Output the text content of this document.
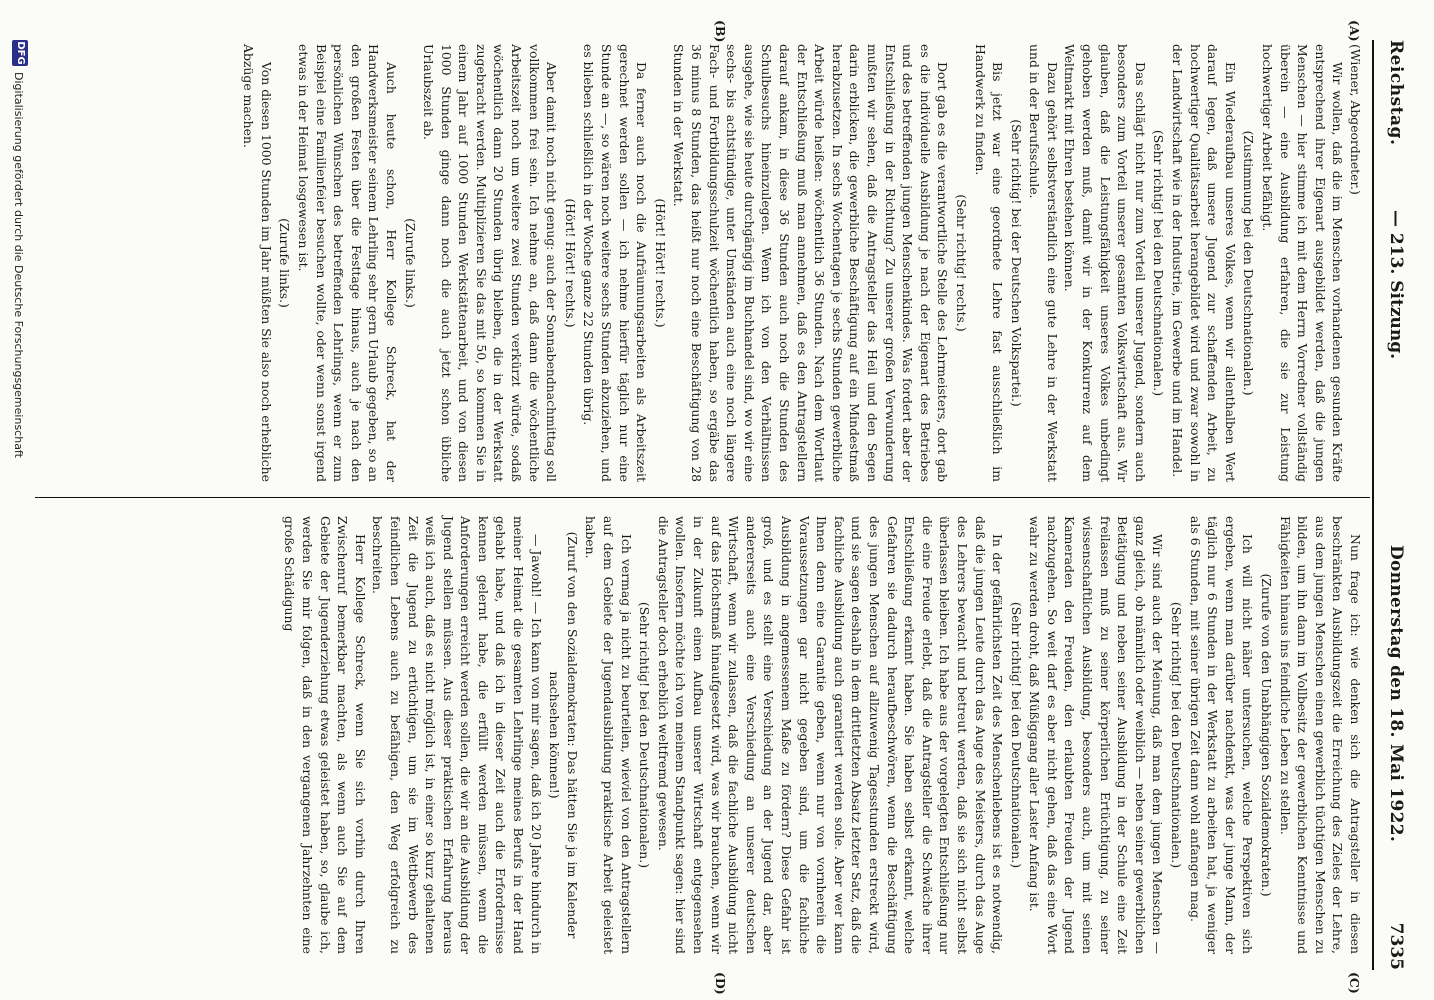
Reichstag.
— 213. Sitzung.
Donnerstag den 18. Mai 1922.
7335
(A)
(B)
(C)
(D)

(Wiener, Abgeordneter.)

Wir wollen, daß die im Menschen vorhandenen gesunden Kräfte entsprechend ihrer Eigenart ausgebildet werden, daß die jungen Menschen — hier stimme ich mit dem Herrn Vorredner vollständig überein — eine Ausbildung erfahren, die sie zur Leistung hochwertiger Arbeit befähigt.

(Zustimmung bei den Deutschnationalen.)

Ein Wiederaufbau unseres Volkes, wenn wir allenthalben Wert darauf legen, daß unsere Jugend zur schaffenden Arbeit, zu hochwertiger Qualitätsarbeit herangebildet wird und zwar sowohl in der Landwirtschaft wie in der Industrie, im Gewerbe und im Handel.

(Sehr richtig! bei den Deutschnationalen.)

Das schlägt nicht nur zum Vorteil unserer Jugend, sondern auch besonders zum Vorteil unserer gesamten Volkswirtschaft aus. Wir glauben, daß die Leistungsfähigkeit unseres Volkes unbedingt gehoben werden muß, damit wir in der Konkurrenz auf dem Weltmarkt mit Ehren bestehen können.

Dazu gehört selbstverständlich eine gute Lehre in der Werkstatt und in der Berufsschule.

(Sehr richtig! bei der Deutschen Volkspartei.)

Bis jetzt war eine geordnete Lehre fast ausschließlich im Handwerk zu finden.

(Sehr richtig! rechts.)

Dort gab es die verantwortliche Stelle des Lehrmeisters, dort gab es die individuelle Ausbildung je nach der Eigenart des Betriebes und des betreffenden jungen Menschenkindes. Was fordert aber der Entschließung in der Richtung? Zu unserer großen Verwunderung mußten wir sehen, daß die Antragsteller das Heil und den Segen darin erblicken, die gewerbliche Beschäftigung auf ein Mindestmaß herabzusetzen. In sechs Wochentagen je sechs Stunden gewerbliche Arbeit würde heißen: wöchentlich 36 Stunden. Nach dem Wortlaut der Entschließung muß man annehmen, daß es den Antragstellern darauf ankam, in diese 36 Stunden auch noch die Stunden des Schulbesuchs hineinzulegen. Wenn ich von den Verhältnissen ausgehe, wie sie heute durchgängig im Buchhandel sind, wo wir eine sechs- bis achtstündige, unter Umständen auch eine noch längere Fach- und Fortbildungsschulzeit wöchentlich haben, so ergäbe das 36 minus 8 Stunden, das heißt nur noch eine Beschäftigung von 28 Stunden in der Werkstatt.

(Hört! Hört! rechts.)

Da ferner auch noch die Aufräumungsarbeiten als Arbeitszeit gerechnet werden sollen — ich nehme hierfür täglich nur eine Stunde an —, so wären noch weitere sechs Stunden abzuziehen, und es blieben schließlich in der Woche ganze 22 Stunden übrig.

(Hört! Hört! rechts.)

Aber damit noch nicht genug: auch der Sonnabendnachmittag soll vollkommen frei sein. Ich nehme an, daß dann die wöchentliche Arbeitszeit noch um weitere zwei Stunden verkürzt würde, sodaß wöchentlich dann 20 Stunden übrig bleiben, die in der Werkstatt zugebracht werden. Multiplizieren Sie das mit 50, so kommen Sie in einem Jahr auf 1000 Stunden Werkstättenarbeit, und von diesen 1000 Stunden ginge dann noch die auch jetzt schon übliche Urlaubszeit ab.

(Zurufe links.)

Auch heute schon, Herr Kollege Schreck, hat der Handwerksmeister seinem Lehrling sehr gern Urlaub gegeben, so an den großen Festen über die Festtage hinaus, auch je nach den persönlichen Wünschen des betreffenden Lehrlings, wenn er zum Beispiel eine Familienfeier besuchen wollte, oder wenn sonst irgend etwas in der Heimat losgewesen ist.

(Zurufe links.)

Von diesen 1000 Stunden im Jahr müßten Sie also noch erhebliche Abzüge machen.

Nun frage ich: wie denken sich die Antragsteller in diesen beschränkten Ausbildungszeit die Erreichung des Zieles der Lehre, aus dem jungen Menschen einen gewerblich tüchtigen Menschen zu bilden, um ihn dann im Vollbesitz der gewerblichen Kenntnisse und Fähigkeiten hinaus ins feindliche Leben zu stellen.

(Zurufe von den Unabhängigen Sozialdemokraten.)

Ich will nicht näher untersuchen, welche Perspektiven sich ergeben, wenn man darüber nachdenkt, was der junge Mann, der täglich nur 6 Stunden in der Werkstatt zu arbeiten hat, ja weniger als 6 Stunden, mit seiner übrigen Zeit dann wohl anfangen mag.

(Sehr richtig! bei den Deutschnationalen.)

Wir sind auch der Meinung, daß man dem jungen Menschen — ganz gleich, ob männlich oder weiblich — neben seiner gewerblichen Betätigung und neben seiner Ausbildung in der Schule eine Zeit freilassen muß zu seiner körperlichen Ertüchtigung, zu seiner wissenschaftlichen Ausbildung, besonders auch, um mit seinen Kameraden den Freuden, den erlaubten Freuden der Jugend nachzugehen. So weit darf es aber nicht gehen, daß das eine Wort wahr zu werden droht, daß Müßiggang aller Laster Anfang ist.

(Sehr richtig! bei den Deutschnationalen.)

In der gefährlichsten Zeit des Menschenlebens ist es notwendig, daß die jungen Leute durch das Auge des Meisters, durch das Auge des Lehrers bewacht und betreut werden, daß sie sich nicht selbst überlassen bleiben. Ich habe aus der vorgelegten Entschließung nur die eine Freude erlebt, daß die Antragsteller die Schwäche ihrer Entschließung erkannt haben. Sie haben selbst erkannt, welche Gefahren sie dadurch heraufbeschwören, wenn die Beschäftigung des jungen Menschen auf allzuwenig Tagesstunden erstreckt wird, und sie sagen deshalb in dem drittletzten Absatz letzter Satz, daß die fachliche Ausbildung auch garantiert werden solle. Aber wer kann Ihnen denn eine Garantie geben, wenn nur von vornherein die Voraussetzungen gar nicht gegeben sind, um die fachliche Ausbildung in angemessenem Maße zu fördern? Diese Gefahr ist groß, und es stellt eine Verschiedung an der Jugend dar, aber andererseits auch eine Verschiedung an unserer deutschen Wirtschaft, wenn wir zulassen, daß die fachliche Ausbildung nicht auf das Höchstmaß hinaufgesetzt wird, was wir brauchen, wenn wir in der Zukunft einen Aufbau unserer Wirtschaft entgegensehen wollen. Insofern möchte ich von meinem Standpunkt sagen: hier sind die Antragsteller doch erheblich weltfremd gewesen.

(Sehr richtig! bei den Deutschnationalen.)

Ich vermag ja nicht zu beurteilen, wieviel von den Antragstellern auf dem Gebiete der Jugendausbildung praktische Arbeit geleistet haben.

(Zuruf von den Sozialdemokraten: Das hätten Sie ja im Kalender nachsehen können!)

— Jawohl! — Ich kann von mir sagen, daß ich 20 Jahre hindurch in meiner Heimat die gesamten Lehrlinge meines Berufs in der Hand gehabt habe, und daß ich in dieser Zeit auch die Erfordernisse kennen gelernt habe, die erfüllt werden müssen, wenn die Anforderungen erreicht werden sollen, die wir an die Ausbildung der Jugend stellen müssen. Aus dieser praktischen Erfahrung heraus weiß ich auch, daß es nicht möglich ist, in einer so kurz gehaltenen Zeit die Jugend zu ertüchtigen, um sie im Wettbewerb des feindlichen Lebens auch zu befähigen, den Weg erfolgreich zu beschreiten.

Herr Kollege Schreck, wenn Sie sich vorhin durch Ihren Zwischenruf bemerkbar machten, als wenn auch Sie auf dem Gebiete der Jugenderziehung etwas geleistet haben, so, glaube ich, werden Sie mir folgen, daß in den vergangenen Jahrzehnten eine große Schädigung

DFG
Digitalisierung gefördert durch die Deutsche Forschungsgemeinschaft
